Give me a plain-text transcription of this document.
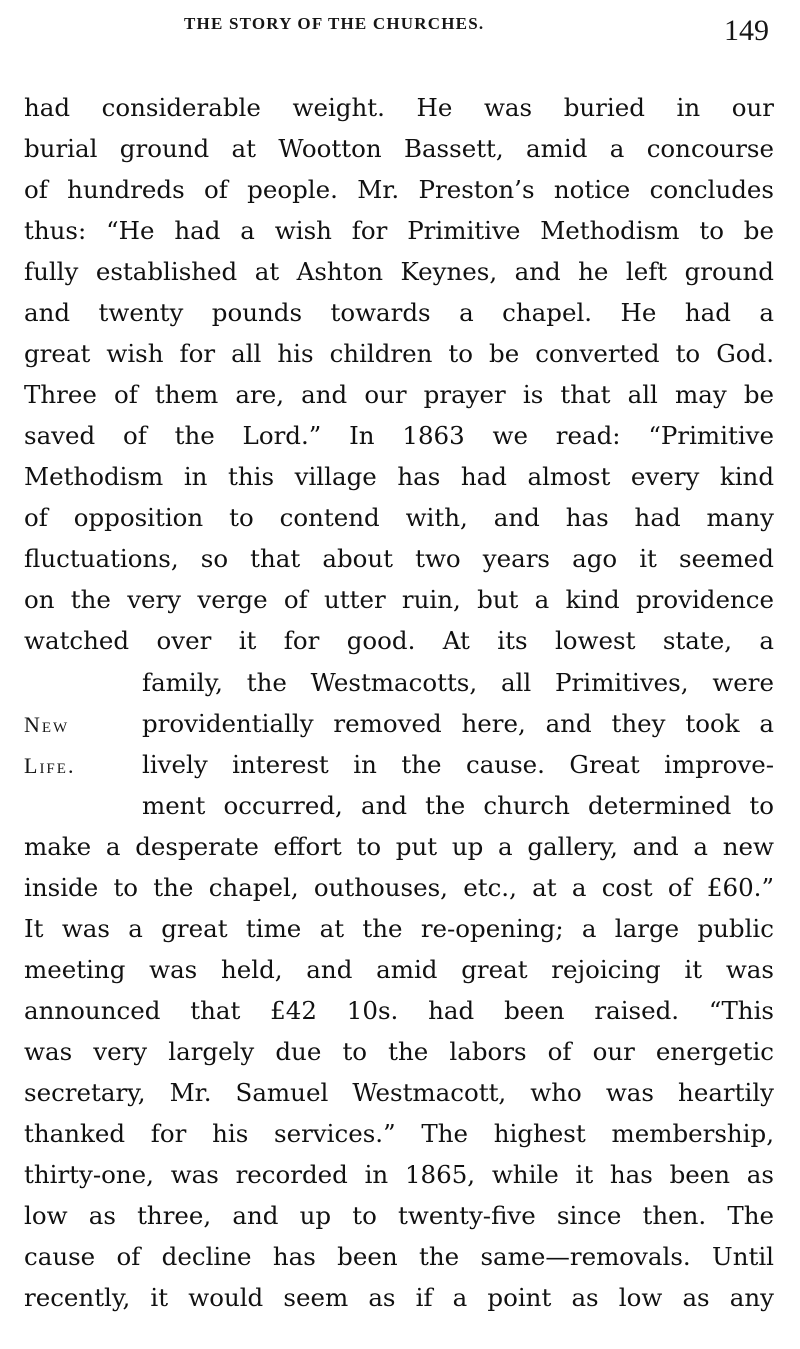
THE STORY OF THE CHURCHES.	149
New
Life.
had considerable weight. He was buried in our
burial ground at Wootton Bassett, amid a concourse
of hundreds of people. Mr. Preston’s notice concludes
thus: “He had a wish for Primitive Methodism to be
fully established at Ashton Keynes, and he left ground
and twenty pounds towards a chapel. He had a
great wish for all his children to be converted to God.
Three of them are, and our prayer is that all may be
saved of the Lord.” In 1863 we read: “Primitive
Methodism in this village has had almost every kind
of opposition to contend with, and has had many
fluctuations, so that about two years ago it seemed
on the very verge of utter ruin, but a kind providence
watched over it for good. At its lowest state, a
family, the Westmacotts, all Primitives, were
providentially removed here, and they took a
lively interest in the cause. Great improve-
ment occurred, and the church determined to
make a desperate effort to put up a gallery, and a new
inside to the chapel, outhouses, etc., at a cost of £60.”
It was a great time at the re-opening; a large public
meeting was held, and amid great rejoicing it was
announced that £42 10s. had been raised. “This
was very largely due to the labors of our energetic
secretary, Mr. Samuel Westmacott, who was heartily
thanked for his services.” The highest membership,
thirty-one, was recorded in 1865, while it has been as
low as three, and up to twenty-five since then. The
cause of decline has been the same—removals. Until
recently, it would seem as if a point as low as any
